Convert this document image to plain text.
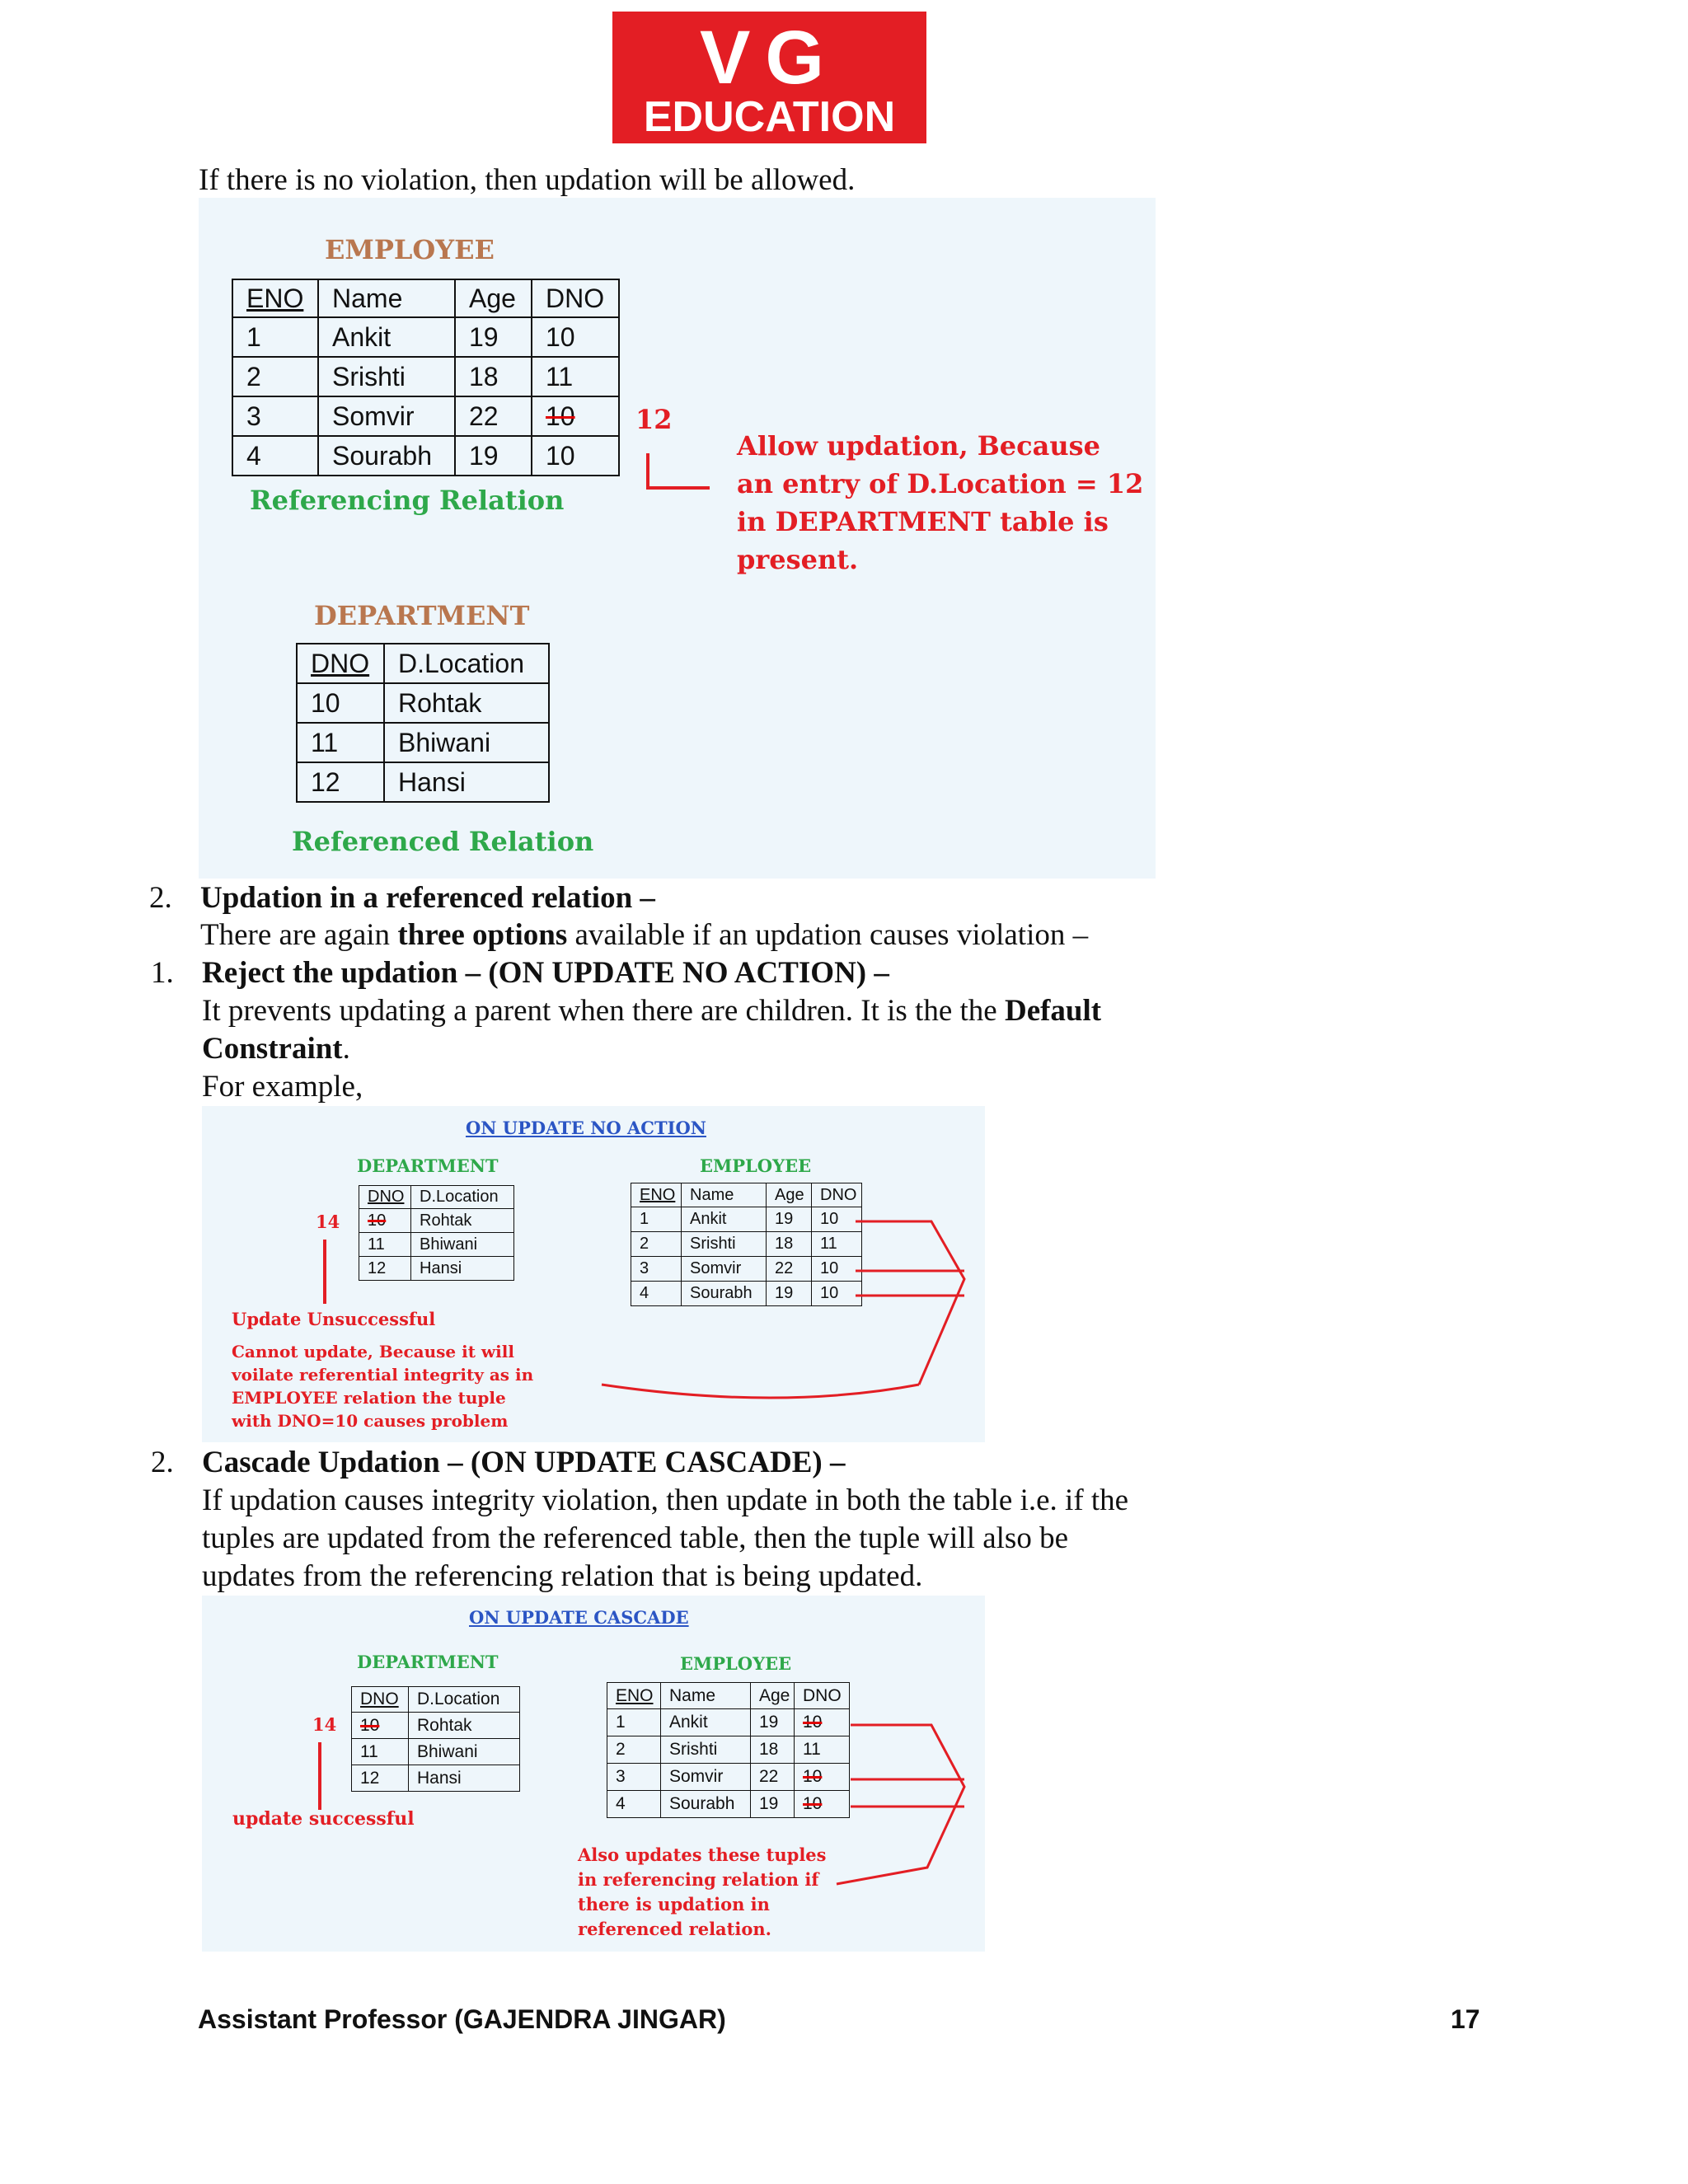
VG
EDUCATION
If there is no violation, then updation will be allowed.
EMPLOYEE
ENO	Name	Age	DNO
1	Ankit	19	10
2	Srishti	18	11
3	Somvir	22	10
4	Sourabh	19	10
12
Allow updation, Because
an entry of D.Location = 12
in DEPARTMENT table is
present.
Referencing Relation
DEPARTMENT
DNO	D.Location
10	Rohtak
11	Bhiwani
12	Hansi
Referenced Relation
2. Updation in a referenced relation –
There are again three options available if an updation causes violation –
1. Reject the updation – (ON UPDATE NO ACTION) –
It prevents updating a parent when there are children. It is the the Default
Constraint.
For example,
ON UPDATE NO ACTION
DEPARTMENT	EMPLOYEE
DNO	D.Location
10	Rohtak
11	Bhiwani
12	Hansi
14
ENO	Name	Age	DNO
1	Ankit	19	10
2	Srishti	18	11
3	Somvir	22	10
4	Sourabh	19	10
Update Unsuccessful
Cannot update, Because it will
voilate referential integrity as in
EMPLOYEE relation the tuple
with DNO=10 causes problem
2. Cascade Updation – (ON UPDATE CASCADE) –
If updation causes integrity violation, then update in both the table i.e. if the
tuples are updated from the referenced table, then the tuple will also be
updates from the referencing relation that is being updated.
ON UPDATE CASCADE
DEPARTMENT	EMPLOYEE
DNO	D.Location
10	Rohtak
11	Bhiwani
12	Hansi
14
ENO	Name	Age	DNO
1	Ankit	19	10
2	Srishti	18	11
3	Somvir	22	10
4	Sourabh	19	10
update successful
Also updates these tuples
in referencing relation if
there is updation in
referenced relation.
Assistant Professor (GAJENDRA JINGAR)	17
